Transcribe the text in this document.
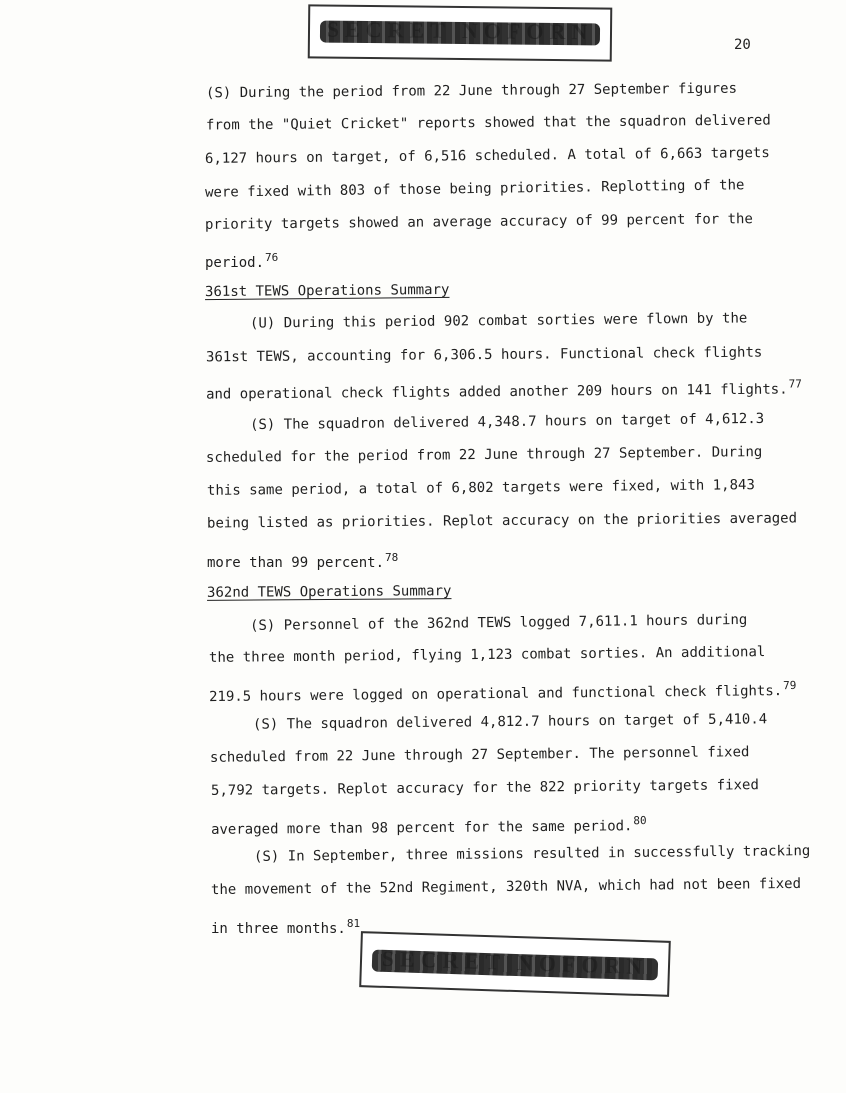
SECRET NOFORN
20
(S) During the period from 22 June through 27 September figures
from the "Quiet Cricket" reports showed that the squadron delivered
6,127 hours on target, of 6,516 scheduled. A total of 6,663 targets
were fixed with 803 of those being priorities. Replotting of the
priority targets showed an average accuracy of 99 percent for the
period.$^{76}$
361st TEWS Operations Summary
(U) During this period 902 combat sorties were flown by the
361st TEWS, accounting for 6,306.5 hours. Functional check flights
and operational check flights added another 209 hours on 141 flights.$^{77}$
(S) The squadron delivered 4,348.7 hours on target of 4,612.3
scheduled for the period from 22 June through 27 September. During
this same period, a total of 6,802 targets were fixed, with 1,843
being listed as priorities. Replot accuracy on the priorities averaged
more than 99 percent.$^{78}$
362nd TEWS Operations Summary
(S) Personnel of the 362nd TEWS logged 7,611.1 hours during
the three month period, flying 1,123 combat sorties. An additional
219.5 hours were logged on operational and functional check flights.$^{79}$
(S) The squadron delivered 4,812.7 hours on target of 5,410.4
scheduled from 22 June through 27 September. The personnel fixed
5,792 targets. Replot accuracy for the 822 priority targets fixed
averaged more than 98 percent for the same period.$^{80}$
(S) In September, three missions resulted in successfully tracking
the movement of the 52nd Regiment, 320th NVA, which had not been fixed
in three months.$^{81}$
SECRET NOFORN
